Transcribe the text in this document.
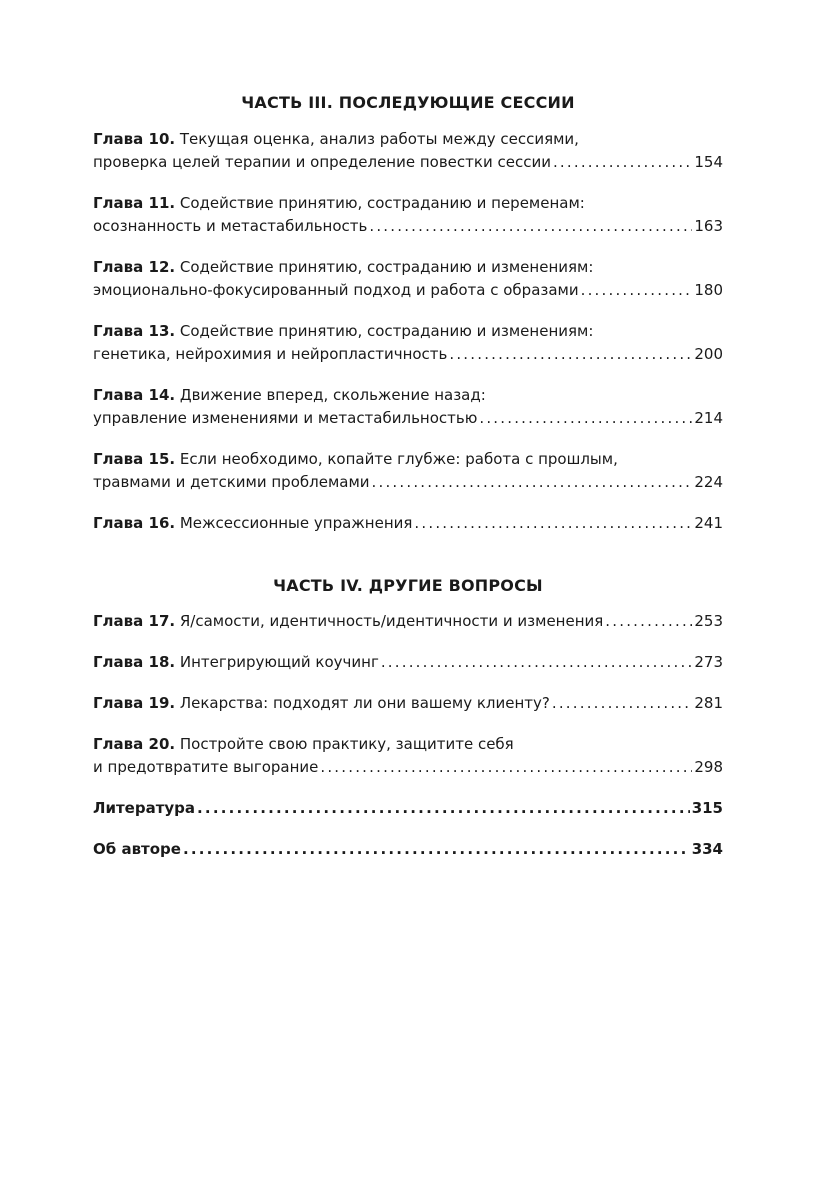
ЧАСТЬ III. ПОСЛЕДУЮЩИЕ СЕССИИ
Глава 10. Текущая оценка, анализ работы между сессиями,
проверка целей терапии и определение повестки сессии .....	154
Глава 11. Содействие принятию, состраданию и переменам:
осознанность и метастабильность .....	163
Глава 12. Содействие принятию, состраданию и изменениям:
эмоционально-фокусированный подход и работа с образами .....	180
Глава 13. Содействие принятию, состраданию и изменениям:
генетика, нейрохимия и нейропластичность .....	200
Глава 14. Движение вперед, скольжение назад:
управление изменениями и метастабильностью .....	214
Глава 15. Если необходимо, копайте глубже: работа с прошлым,
травмами и детскими проблемами .....	224
Глава 16. Межсессионные упражнения .....	241
ЧАСТЬ IV. ДРУГИЕ ВОПРОСЫ
Глава 17. Я/самости, идентичность/идентичности и изменения .....	253
Глава 18. Интегрирующий коучинг .....	273
Глава 19. Лекарства: подходят ли они вашему клиенту? .....	281
Глава 20. Постройте свою практику, защитите себя
и предотвратите выгорание .....	298
Литература .....	315
Об авторе .....	334
